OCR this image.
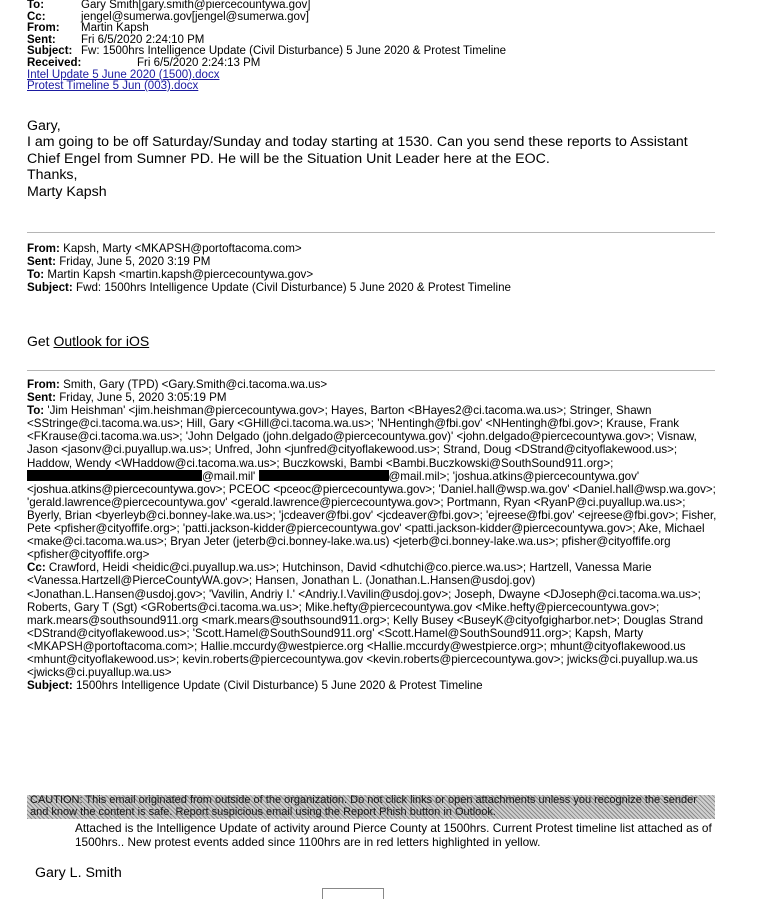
To:	Gary Smith[gary.smith@piercecountywa.gov]
Cc:	jengel@sumerwa.gov[jengel@sumerwa.gov]
From: Martin Kapsh
Sent: Fri 6/5/2020 2:24:10 PM
Subject: Fw: 1500hrs Intelligence Update (Civil Disturbance) 5 June 2020 & Protest Timeline
Received:	Fri 6/5/2020 2:24:13 PM
Intel Update 5 June 2020 (1500).docx
Protest Timeline 5 Jun (003).docx
Gary,
I am going to be off Saturday/Sunday and today starting at 1530. Can you send these reports to Assistant Chief Engel from Sumner PD. He will be the Situation Unit Leader here at the EOC.
Thanks,
Marty Kapsh
From: Kapsh, Marty <MKAPSH@portoftacoma.com>
Sent: Friday, June 5, 2020 3:19 PM
To: Martin Kapsh <martin.kapsh@piercecountywa.gov>
Subject: Fwd: 1500hrs Intelligence Update (Civil Disturbance) 5 June 2020 & Protest Timeline
Get Outlook for iOS
From: Smith, Gary (TPD) <Gary.Smith@ci.tacoma.wa.us>
Sent: Friday, June 5, 2020 3:05:19 PM
To: 'Jim Heishman' <jim.heishman@piercecountywa.gov>; Hayes, Barton <BHayes2@ci.tacoma.wa.us>; Stringer, Shawn <SStringe@ci.tacoma.wa.us>; Hill, Gary <GHill@ci.tacoma.wa.us>; 'NHentingh@fbi.gov' <NHentingh@fbi.gov>; Krause, Frank <FKrause@ci.tacoma.wa.us>; 'John Delgado (john.delgado@piercecountywa.gov)' <john.delgado@piercecountywa.gov>; Visnaw, Jason <jasonv@ci.puyallup.wa.us>; Unfred, John <junfred@cityoflakewood.us>; Strand, Doug <DStrand@cityoflakewood.us>; Haddow, Wendy <WHaddow@ci.tacoma.wa.us>; Buczkowski, Bambi <Bambi.Buczkowski@SouthSound911.org>; @mail.mil'	@mail.mil>; 'joshua.atkins@piercecountywa.gov' <joshua.atkins@piercecountywa.gov>; PCEOC <pceoc@piercecountywa.gov>; 'Daniel.hall@wsp.wa.gov' <Daniel.hall@wsp.wa.gov>; 'gerald.lawrence@piercecountywa.gov' <gerald.lawrence@piercecountywa.gov>; Portmann, Ryan <RyanP@ci.puyallup.wa.us>; Byerly, Brian <byerleyb@ci.bonney-lake.wa.us>; 'jcdeaver@fbi.gov' <jcdeaver@fbi.gov>; 'ejreese@fbi.gov' <ejreese@fbi.gov>; Fisher, Pete <pfisher@cityoffife.org>; 'patti.jackson-kidder@piercecountywa.gov' <patti.jackson-kidder@piercecountywa.gov>; Ake, Michael <make@ci.tacoma.wa.us>; Bryan Jeter (jeterb@ci.bonney-lake.wa.us) <jeterb@ci.bonney-lake.wa.us>; pfisher@cityoffife.org <pfisher@cityoffife.org>
Cc: Crawford, Heidi <heidic@ci.puyallup.wa.us>; Hutchinson, David <dhutchi@co.pierce.wa.us>; Hartzell, Vanessa Marie <Vanessa.Hartzell@PierceCountyWA.gov>; Hansen, Jonathan L. (Jonathan.L.Hansen@usdoj.gov) <Jonathan.L.Hansen@usdoj.gov>; 'Vavilin, Andriy I.' <Andriy.I.Vavilin@usdoj.gov>; Joseph, Dwayne <DJoseph@ci.tacoma.wa.us>; Roberts, Gary T (Sgt) <GRoberts@ci.tacoma.wa.us>; Mike.hefty@piercecountywa.gov <Mike.hefty@piercecountywa.gov>; mark.mears@southsound911.org <mark.mears@southsound911.org>; Kelly Busey <BuseyK@cityofgigharbor.net>; Douglas Strand <DStrand@cityoflakewood.us>; 'Scott.Hamel@SouthSound911.org' <Scott.Hamel@SouthSound911.org>; Kapsh, Marty <MKAPSH@portoftacoma.com>; Hallie.mccurdy@westpierce.org <Hallie.mccurdy@westpierce.org>; mhunt@cityoflakewood.us <mhunt@cityoflakewood.us>; kevin.roberts@piercecountywa.gov <kevin.roberts@piercecountywa.gov>; jwicks@ci.puyallup.wa.us <jwicks@ci.puyallup.wa.us>
Subject: 1500hrs Intelligence Update (Civil Disturbance) 5 June 2020 & Protest Timeline
CAUTION: This email originated from outside of the organization. Do not click links or open attachments unless you recognize the sender and know the content is safe. Report suspicious email using the Report Phish button in Outlook.
Attached is the Intelligence Update of activity around Pierce County at 1500hrs. Current Protest timeline list attached as of 1500hrs.. New protest events added since 1100hrs are in red letters highlighted in yellow.
Gary L. Smith
